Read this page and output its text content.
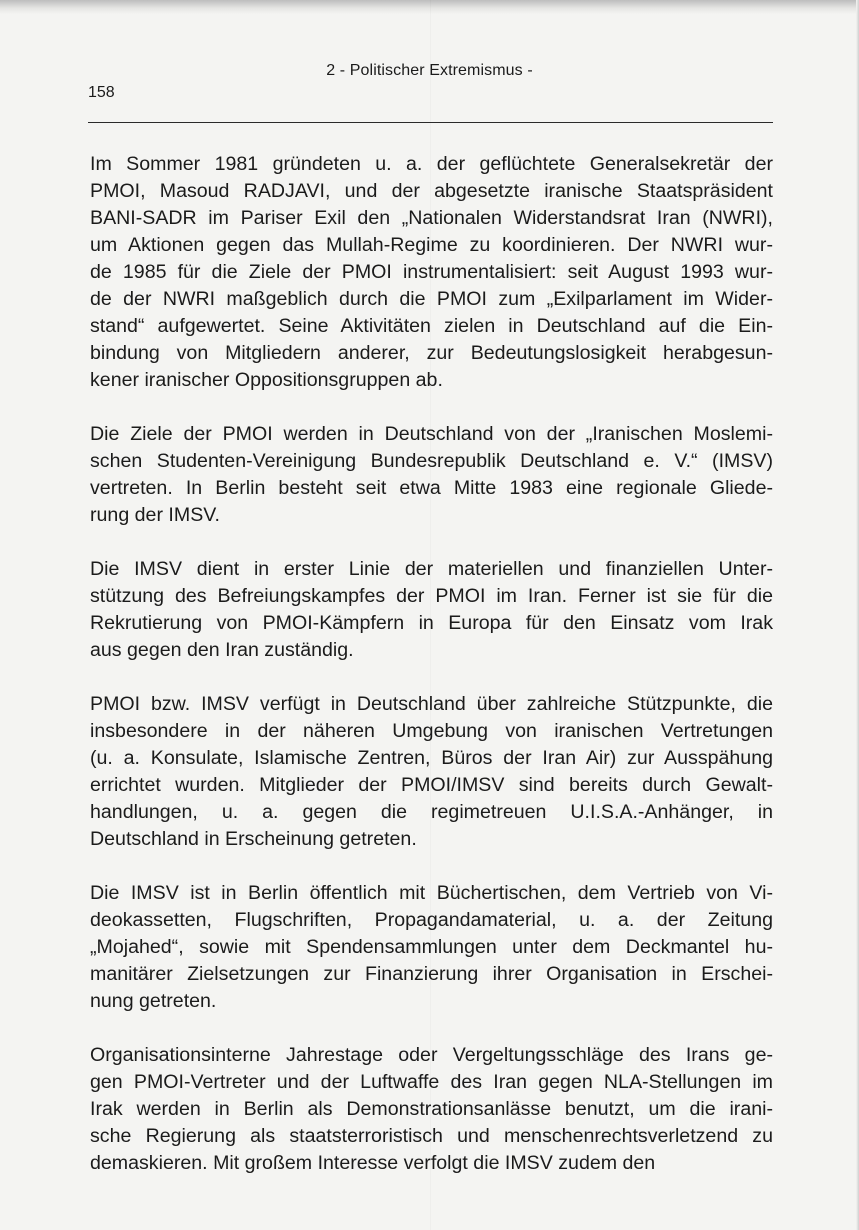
2 - Politischer Extremismus -
158
Im Sommer 1981 gründeten u. a. der geflüchtete Generalsekretär der
PMOI, Masoud RADJAVI, und der abgesetzte iranische Staatspräsident
BANI-SADR im Pariser Exil den „Nationalen Widerstandsrat Iran (NWRI),
um Aktionen gegen das Mullah-Regime zu koordinieren. Der NWRI wur-
de 1985 für die Ziele der PMOI instrumentalisiert: seit August 1993 wur-
de der NWRI maßgeblich durch die PMOI zum „Exilparlament im Wider-
stand“ aufgewertet. Seine Aktivitäten zielen in Deutschland auf die Ein-
bindung von Mitgliedern anderer, zur Bedeutungslosigkeit herabgesun-
kener iranischer Oppositionsgruppen ab.
Die Ziele der PMOI werden in Deutschland von der „Iranischen Moslemi-
schen Studenten-Vereinigung Bundesrepublik Deutschland e. V.“ (IMSV)
vertreten. In Berlin besteht seit etwa Mitte 1983 eine regionale Gliede-
rung der IMSV.
Die IMSV dient in erster Linie der materiellen und finanziellen Unter-
stützung des Befreiungskampfes der PMOI im Iran. Ferner ist sie für die
Rekrutierung von PMOI-Kämpfern in Europa für den Einsatz vom Irak
aus gegen den Iran zuständig.
PMOI bzw. IMSV verfügt in Deutschland über zahlreiche Stützpunkte, die
insbesondere in der näheren Umgebung von iranischen Vertretungen
(u. a. Konsulate, Islamische Zentren, Büros der Iran Air) zur Ausspähung
errichtet wurden. Mitglieder der PMOI/IMSV sind bereits durch Gewalt-
handlungen, u. a. gegen die regimetreuen U.I.S.A.-Anhänger, in
Deutschland in Erscheinung getreten.
Die IMSV ist in Berlin öffentlich mit Büchertischen, dem Vertrieb von Vi-
deokassetten, Flugschriften, Propagandamaterial, u. a. der Zeitung
„Mojahed“, sowie mit Spendensammlungen unter dem Deckmantel hu-
manitärer Zielsetzungen zur Finanzierung ihrer Organisation in Erschei-
nung getreten.
Organisationsinterne Jahrestage oder Vergeltungsschläge des Irans ge-
gen PMOI-Vertreter und der Luftwaffe des Iran gegen NLA-Stellungen im
Irak werden in Berlin als Demonstrationsanlässe benutzt, um die irani-
sche Regierung als staatsterroristisch und menschenrechtsverletzend zu
demaskieren. Mit großem Interesse verfolgt die IMSV zudem den
